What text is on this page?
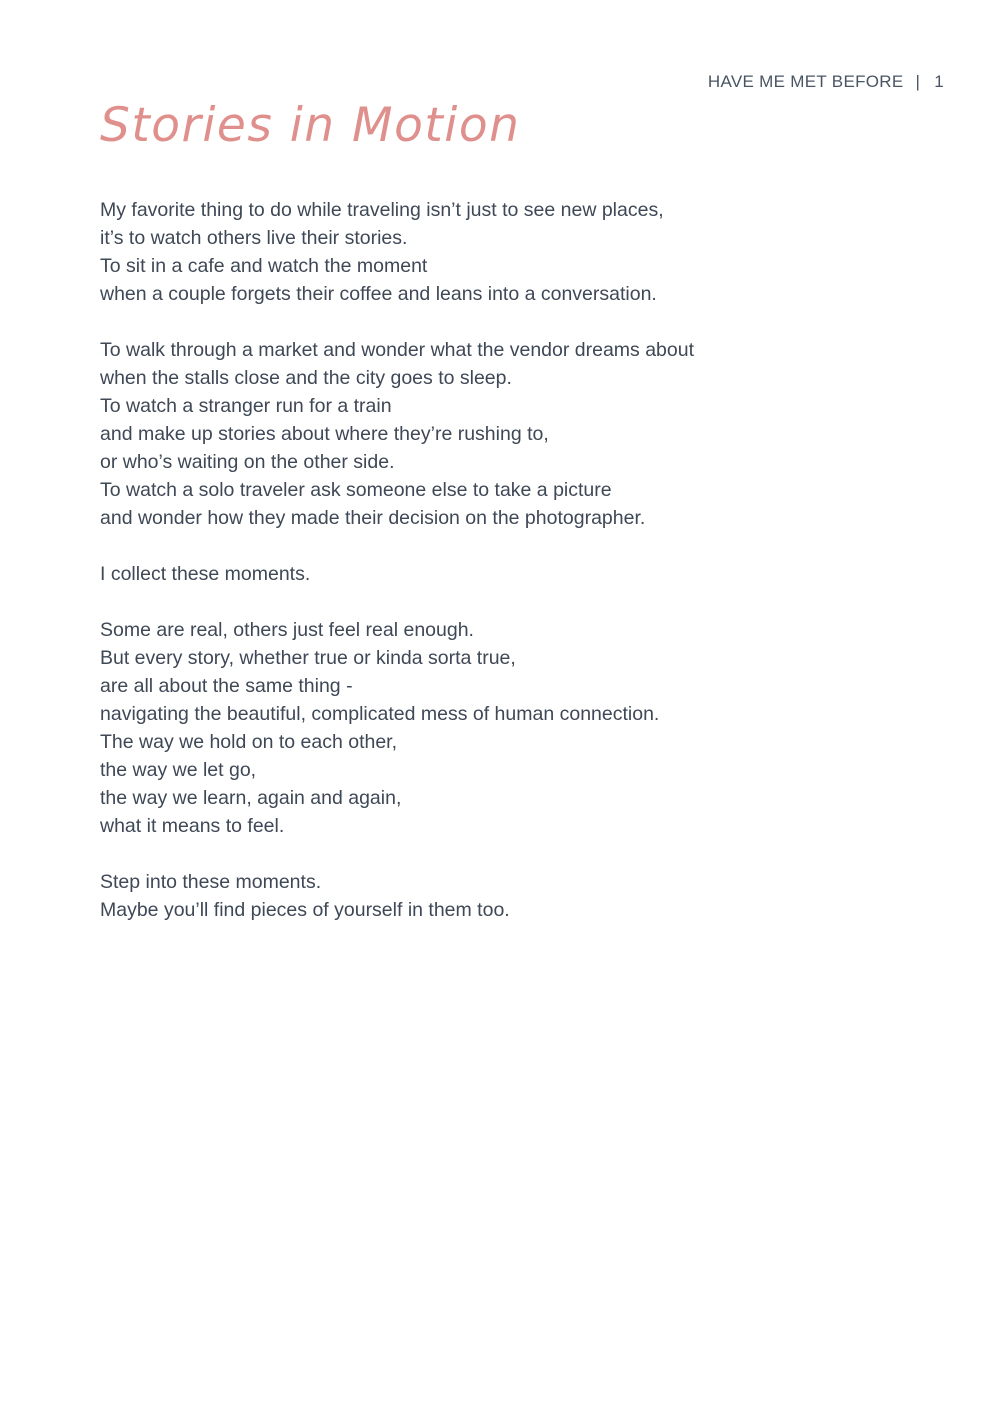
HAVE ME MET BEFORE | 1
Stories in Motion
My favorite thing to do while traveling isn’t just to see new places,
it’s to watch others live their stories.
To sit in a cafe and watch the moment
when a couple forgets their coffee and leans into a conversation.
To walk through a market and wonder what the vendor dreams about
when the stalls close and the city goes to sleep.
To watch a stranger run for a train
and make up stories about where they’re rushing to,
or who’s waiting on the other side.
To watch a solo traveler ask someone else to take a picture
and wonder how they made their decision on the photographer.
I collect these moments.
Some are real, others just feel real enough.
But every story, whether true or kinda sorta true,
are all about the same thing -
navigating the beautiful, complicated mess of human connection.
The way we hold on to each other,
the way we let go,
the way we learn, again and again,
what it means to feel.
Step into these moments.
Maybe you’ll find pieces of yourself in them too.
